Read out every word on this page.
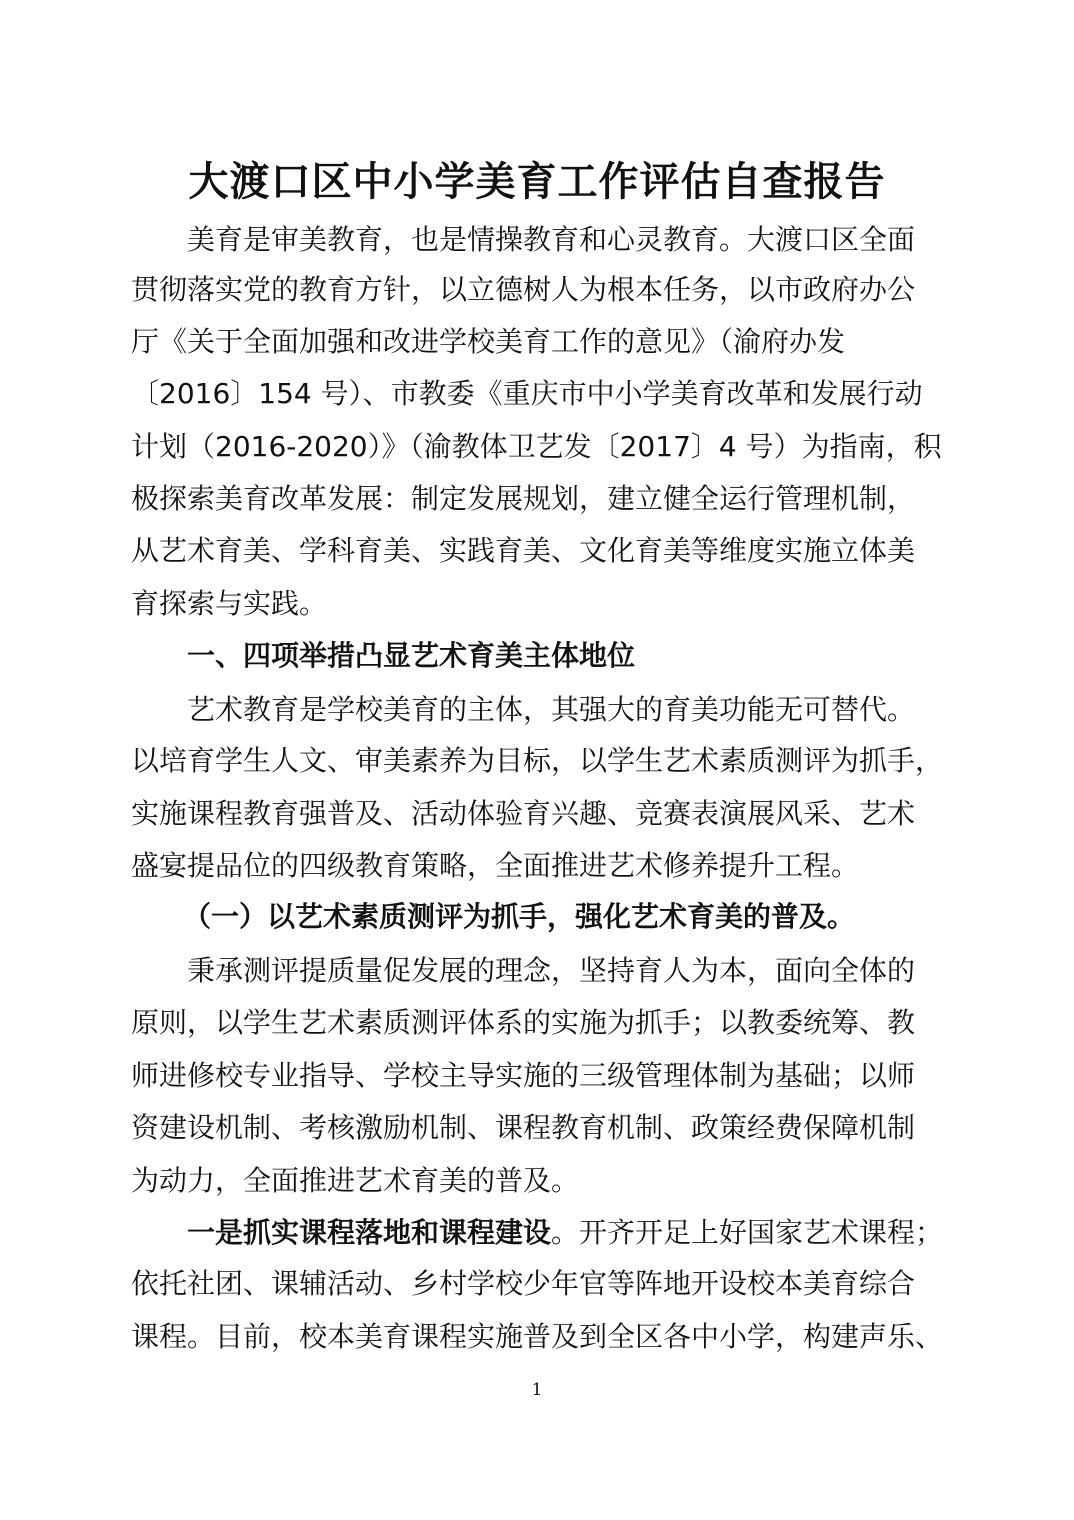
大渡口区中小学美育工作评估自查报告
美育是审美教育，也是情操教育和心灵教育。大渡口区全面
贯彻落实党的教育方针，以立德树人为根本任务，以市政府办公
厅《关于全面加强和改进学校美育工作的意见》（渝府办发
〔2016〕154 号）、市教委《重庆市中小学美育改革和发展行动
计划（2016-2020）》（渝教体卫艺发〔2017〕4 号）为指南，积
极探索美育改革发展：制定发展规划，建立健全运行管理机制，
从艺术育美、学科育美、实践育美、文化育美等维度实施立体美
育探索与实践。
一、四项举措凸显艺术育美主体地位
艺术教育是学校美育的主体，其强大的育美功能无可替代。
以培育学生人文、审美素养为目标，以学生艺术素质测评为抓手，
实施课程教育强普及、活动体验育兴趣、竞赛表演展风采、艺术
盛宴提品位的四级教育策略，全面推进艺术修养提升工程。
（一）以艺术素质测评为抓手，强化艺术育美的普及。
秉承测评提质量促发展的理念，坚持育人为本，面向全体的
原则，以学生艺术素质测评体系的实施为抓手；以教委统筹、教
师进修校专业指导、学校主导实施的三级管理体制为基础；以师
资建设机制、考核激励机制、课程教育机制、政策经费保障机制
为动力，全面推进艺术育美的普及。
一是抓实课程落地和课程建设。开齐开足上好国家艺术课程；
依托社团、课辅活动、乡村学校少年官等阵地开设校本美育综合
课程。目前，校本美育课程实施普及到全区各中小学，构建声乐、
1
